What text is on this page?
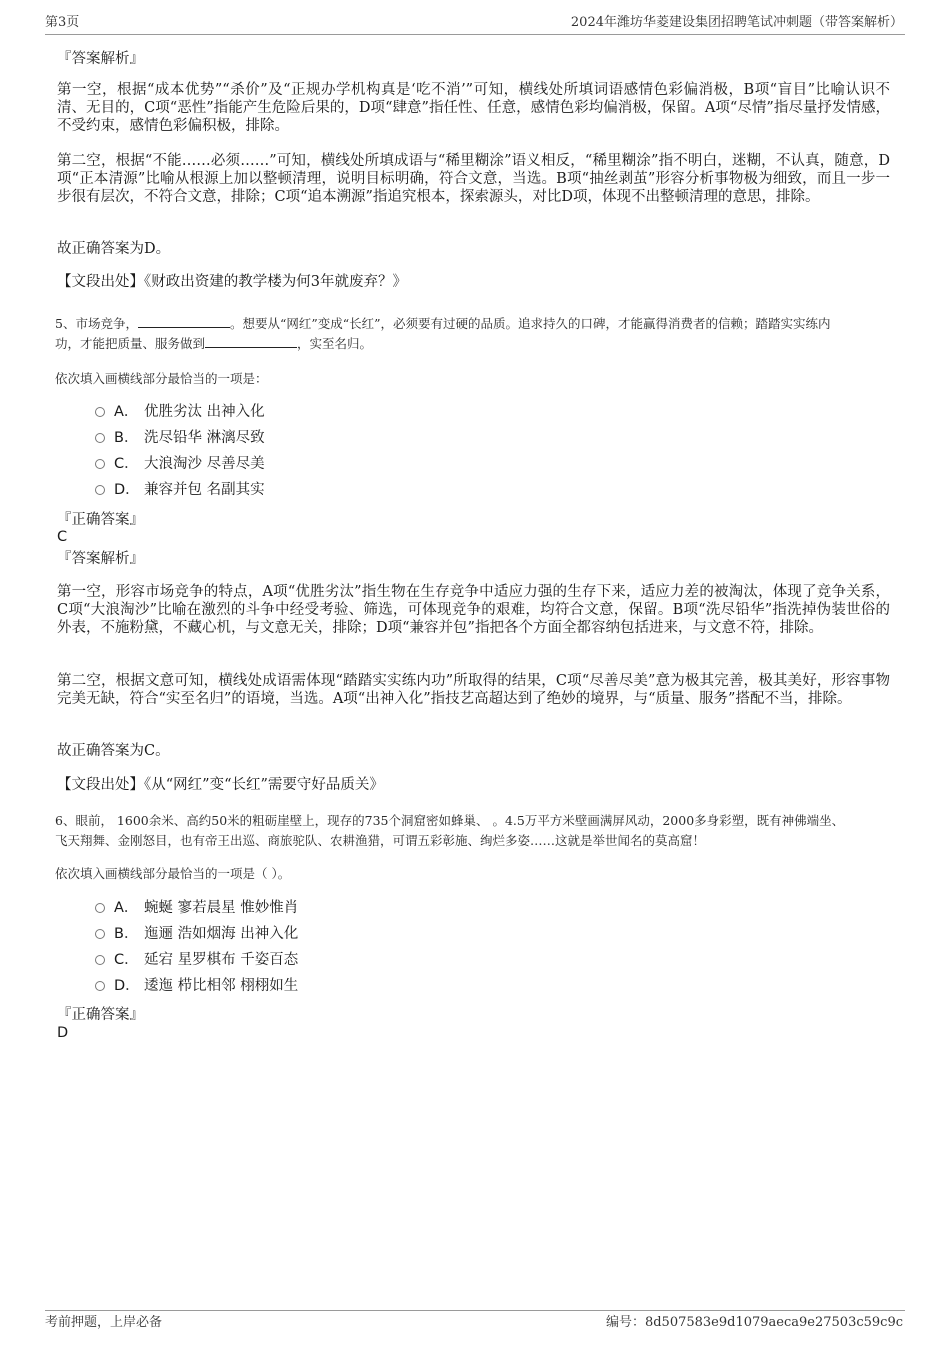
第3页	2024年潍坊华菱建设集团招聘笔试冲刺题（带答案解析）
『答案解析』
第一空，根据“成本优势”“杀价”及“正规办学机构真是‘吃不消’”可知，横线处所填词语感情色彩偏消极，B项“盲目”比喻认识不清、无目的，C项“恶性”指能产生危险后果的，D项“肆意”指任性、任意，感情色彩均偏消极，保留。A项“尽情”指尽量抒发情感，不受约束，感情色彩偏积极，排除。
第二空，根据“不能……必须……”可知，横线处所填成语与“稀里糊涂”语义相反，“稀里糊涂”指不明白，迷糊，不认真，随意，D项“正本清源”比喻从根源上加以整顿清理，说明目标明确，符合文意，当选。B项“抽丝剥茧”形容分析事物极为细致，而且一步一步很有层次，不符合文意，排除；C项“追本溯源”指追究根本，探索源头，对比D项，体现不出整顿清理的意思，排除。
故正确答案为D。
【文段出处】《财政出资建的教学楼为何3年就废弃？》
5、市场竞争，	。想要从“网红”变成“长红”，必须要有过硬的品质。追求持久的口碑，才能赢得消费者的信赖；踏踏实实练内
功，才能把质量、服务做到	，实至名归。
依次填入画横线部分最恰当的一项是：
A． 优胜劣汰 出神入化
B． 洗尽铅华 淋漓尽致
C． 大浪淘沙 尽善尽美
D． 兼容并包 名副其实
『正确答案』
C
『答案解析』
第一空，形容市场竞争的特点，A项“优胜劣汰”指生物在生存竞争中适应力强的生存下来，适应力差的被淘汰，体现了竞争关系，C项“大浪淘沙”比喻在激烈的斗争中经受考验、筛选，可体现竞争的艰难，均符合文意，保留。B项“洗尽铅华”指洗掉伪装世俗的外表，不施粉黛，不藏心机，与文意无关，排除；D项“兼容并包”指把各个方面全都容纳包括进来，与文意不符，排除。
第二空，根据文意可知，横线处成语需体现“踏踏实实练内功”所取得的结果，C项“尽善尽美”意为极其完善，极其美好，形容事物完美无缺，符合“实至名归”的语境，当选。A项“出神入化”指技艺高超达到了绝妙的境界，与“质量、服务”搭配不当，排除。
故正确答案为C。
【文段出处】《从“网红”变“长红”需要守好品质关》
6、眼前， 1600余米、高约50米的粗砺崖壁上，现存的735个洞窟密如蜂巢、 。4.5万平方米壁画满屏风动，2000多身彩塑，既有神佛端坐、
飞天翔舞、金刚怒目，也有帝王出巡、商旅驼队、农耕渔猎，可谓五彩彰施、绚烂多姿……这就是举世闻名的莫高窟！
依次填入画横线部分最恰当的一项是（ ）。
A． 蜿蜒 寥若晨星 惟妙惟肖
B． 迤逦 浩如烟海 出神入化
C． 延宕 星罗棋布 千姿百态
D． 逶迤 栉比相邻 栩栩如生
『正确答案』
D
考前押题，上岸必备	编号：8d507583e9d1079aeca9e27503c59c9c
